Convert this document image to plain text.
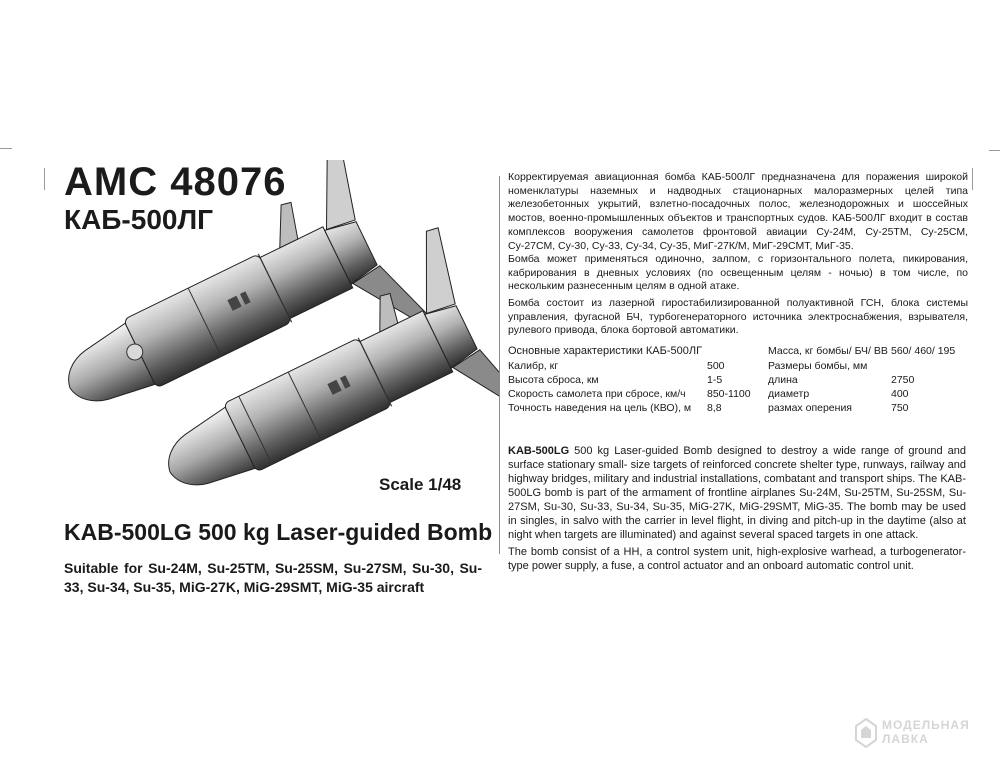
AMC 48076
КАБ-500ЛГ
Scale 1/48
KAB-500LG 500 kg Laser-guided Bomb
Suitable for Su-24M, Su-25TM, Su-25SM, Su-27SM, Su-30, Su-33, Su-34, Su-35, MiG-27K, MiG-29SMT, MiG-35 aircraft
Корректируемая авиационная бомба КАБ-500ЛГ предназначена для поражения широкой номенклатуры наземных и надводных стационарных малоразмерных целей типа железобетонных укрытий, взлетно-посадочных полос, железнодорожных и шоссейных мостов, военно-промышленных объектов и транспортных судов. КАБ-500ЛГ входит в состав комплексов вооружения самолетов фронтовой авиации Су-24М, Су-25ТМ, Су-25СМ, Су-27СМ, Су-30, Су-33, Су-34, Су-35, МиГ-27К/М, МиГ-29СМТ, МиГ-35.
Бомба может применяться одиночно, залпом, с горизонтального полета, пикирования, кабрирования в дневных условиях (по освещенным целям - ночью) в том числе, по нескольким разнесенным целям в одной атаке.
Бомба состоит из лазерной гиростабилизированной полуактивной ГСН, блока системы управления, фугасной БЧ, турбогенераторного источника электроснабжения, взрывателя, рулевого привода, блока бортовой автоматики.
Основные характеристики КАБ-500ЛГ	Масса, кг бомбы/ БЧ/ ВВ 560/ 460/ 195
Калибр, кг	500
Высота сброса, км	1-5
Скорость самолета при сбросе, км/ч 850-1100
Точность наведения на цель (КВО), м 8,8
Размеры бомбы, мм
длина	2750
диаметр	400
размах оперения	750
KAB-500LG 500 kg Laser-guided Bomb designed to destroy a wide range of ground and surface stationary small- size targets of reinforced concrete shelter type, runways, railway and highway bridges, military and industrial installations, combatant and transport ships. The KAB-500LG bomb is part of the armament of frontline airplanes Su-24M, Su-25TM, Su-25SM, Su-27SM, Su-30, Su-33, Su-34, Su-35, MiG-27K, MiG-29SMT, MiG-35. The bomb may be used in singles, in salvo with the carrier in level flight, in diving and pitch-up in the daytime (also at night when targets are illuminated) and against several spaced targets in one attack.
The bomb consist of a HH, a control system unit, high-explosive warhead, a turbogenerator-type power supply, a fuse, a control actuator and an onboard automatic control unit.
МОДЕЛЬНАЯ
ЛАВКА
